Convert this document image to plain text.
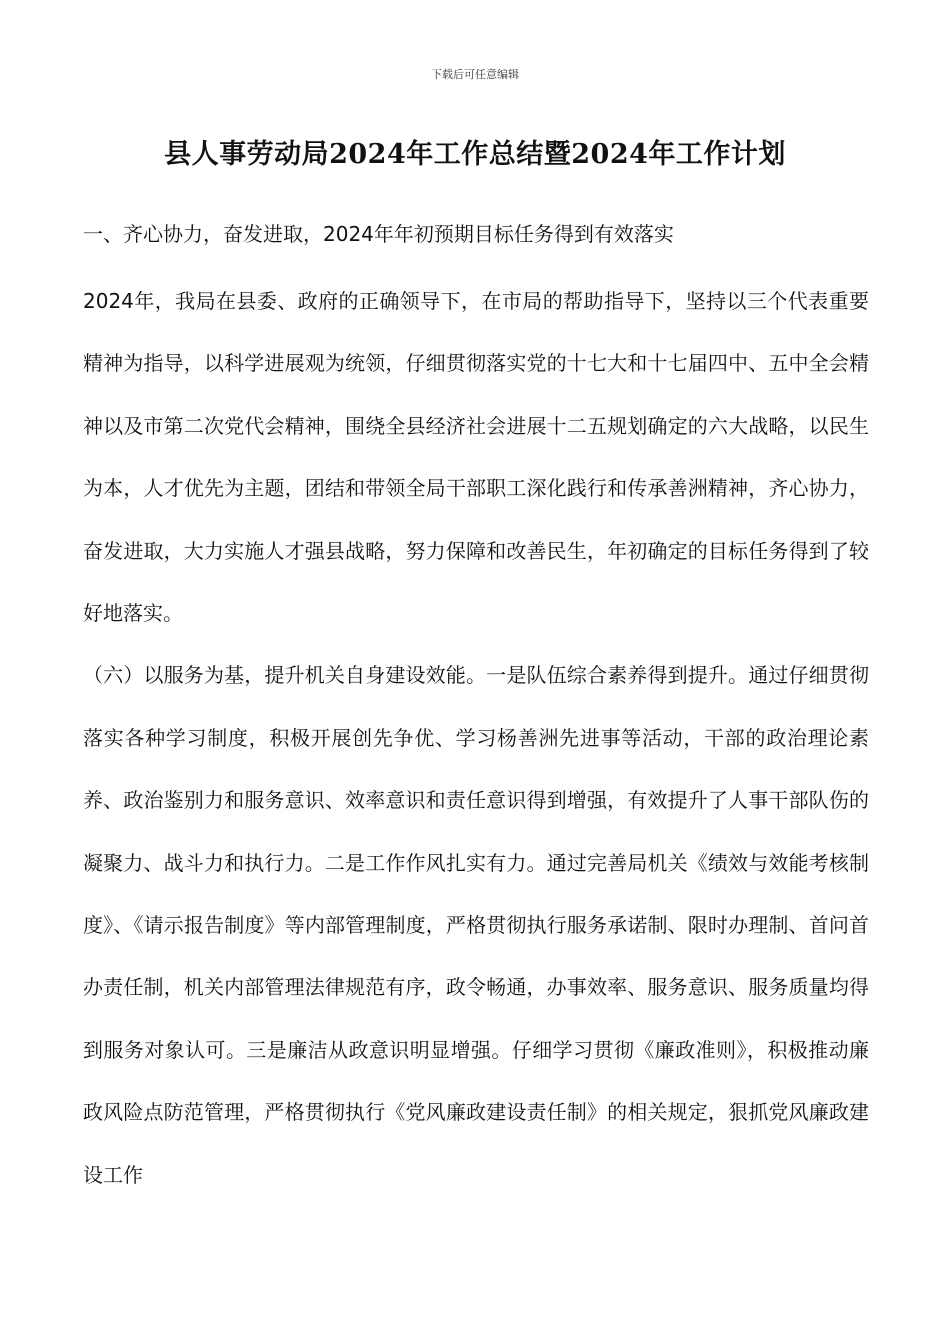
下载后可任意编辑
县人事劳动局2024年工作总结暨2024年工作计划
一、齐心协力，奋发进取，2024年年初预期目标任务得到有效落实

2024年，我局在县委、政府的正确领导下，在市局的帮助指导下，坚持以三个代表重要精神为指导，以科学进展观为统领，仔细贯彻落实党的十七大和十七届四中、五中全会精神以及市第二次党代会精神，围绕全县经济社会进展十二五规划确定的六大战略，以民生为本，人才优先为主题，团结和带领全局干部职工深化践行和传承善洲精神，齐心协力，奋发进取，大力实施人才强县战略，努力保障和改善民生，年初确定的目标任务得到了较好地落实。

（六）以服务为基，提升机关自身建设效能。一是队伍综合素养得到提升。通过仔细贯彻落实各种学习制度，积极开展创先争优、学习杨善洲先进事等活动，干部的政治理论素养、政治鉴别力和服务意识、效率意识和责任意识得到增强，有效提升了人事干部队伤的凝聚力、战斗力和执行力。二是工作作风扎实有力。通过完善局机关《绩效与效能考核制度》、《请示报告制度》等内部管理制度，严格贯彻执行服务承诺制、限时办理制、首问首办责任制，机关内部管理法律规范有序，政令畅通，办事效率、服务意识、服务质量均得到服务对象认可。三是廉洁从政意识明显增强。仔细学习贯彻《廉政准则》，积极推动廉政风险点防范管理，严格贯彻执行《党风廉政建设责任制》的相关规定，狠抓党风廉政建设工作
